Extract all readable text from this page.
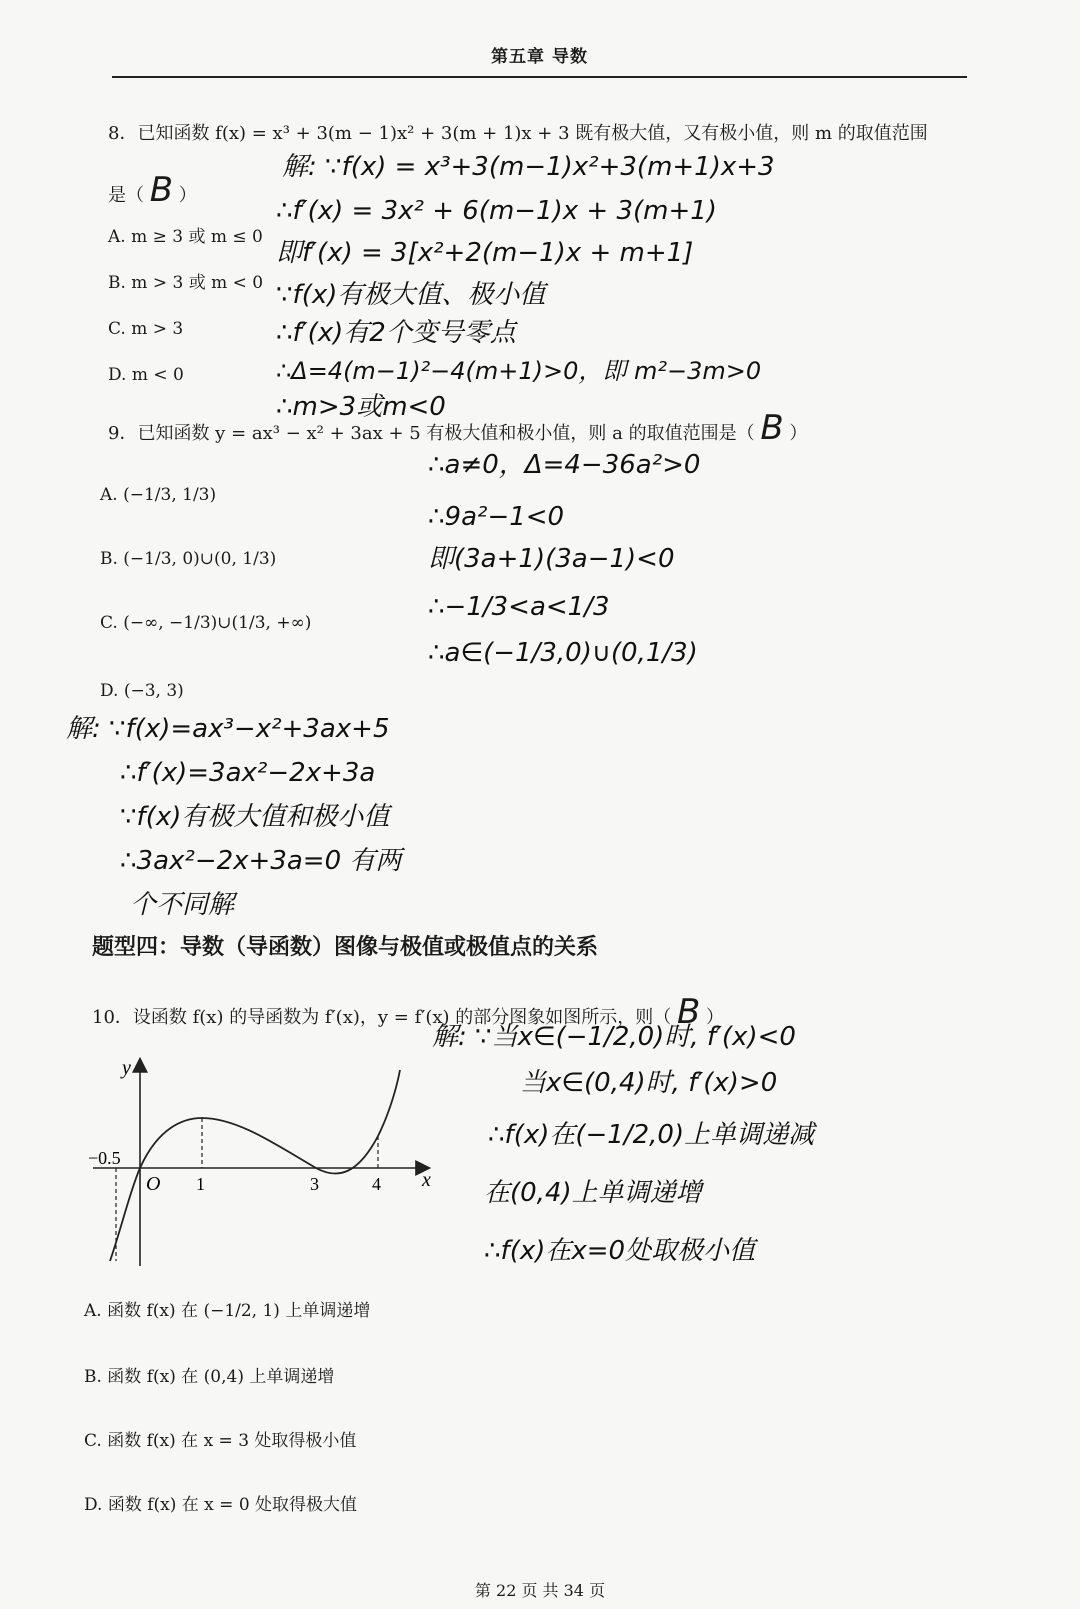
第五章 导数
8．已知函数 f(x) = x³ + 3(m − 1)x² + 3(m + 1)x + 3 既有极大值，又有极小值，则 m 的取值范围
是（ B ）
A. m ≥ 3 或 m ≤ 0
B. m > 3 或 m < 0
C. m > 3
D. m < 0
解: ∵f(x) = x³+3(m−1)x²+3(m+1)x+3
∴f′(x) = 3x² + 6(m−1)x + 3(m+1)
即f′(x) = 3[x²+2(m−1)x + m+1]
∵f(x)有极大值、极小值
∴f′(x)有2个变号零点
∴Δ=4(m−1)²−4(m+1)>0，即 m²−3m>0
∴m>3或m<0
9．已知函数 y = ax³ − x² + 3ax + 5 有极大值和极小值，则 a 的取值范围是（ B ）
A. (−1/3, 1/3)
B. (−1/3, 0)∪(0, 1/3)
C. (−∞, −1/3)∪(1/3, +∞)
D. (−3, 3)
∴a≠0，Δ=4−36a²>0
∴9a²−1<0
即(3a+1)(3a−1)<0
∴−1/3<a<1/3
∴a∈(−1/3,0)∪(0,1/3)
解: ∵f(x)=ax³−x²+3ax+5
∴f′(x)=3ax²−2x+3a
∵f(x)有极大值和极小值
∴3ax²−2x+3a=0 有两
个不同解
题型四：导数（导函数）图像与极值或极值点的关系
10．设函数 f(x) 的导函数为 f′(x)，y = f′(x) 的部分图象如图所示，则（ B ）
y
x
O
−0.5
1	3	4
解: ∵当x∈(−1/2,0)时, f′(x)<0
当x∈(0,4)时, f′(x)>0
∴f(x)在(−1/2,0)上单调递减
在(0,4)上单调递增
∴f(x)在x=0处取极小值
A. 函数 f(x) 在 (−1/2, 1) 上单调递增
B. 函数 f(x) 在 (0,4) 上单调递增
C. 函数 f(x) 在 x = 3 处取得极小值
D. 函数 f(x) 在 x = 0 处取得极大值
第 22 页 共 34 页
